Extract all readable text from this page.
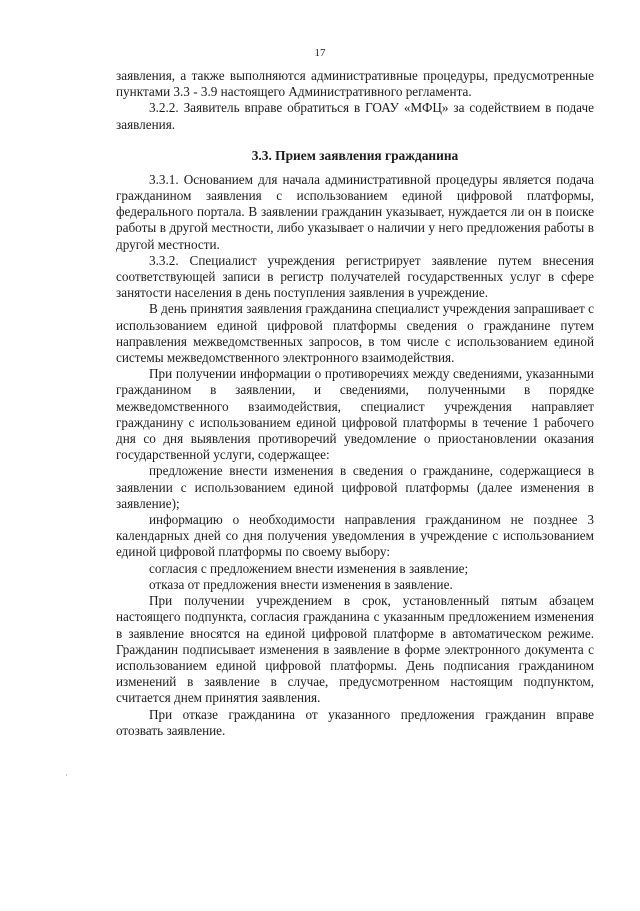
17

заявления, а также выполняются административные процедуры, предусмотренные пунктами 3.3 - 3.9 настоящего Административного регламента.

3.2.2. Заявитель вправе обратиться в ГОАУ «МФЦ» за содействием в подаче заявления.

3.3. Прием заявления гражданина

3.3.1. Основанием для начала административной процедуры является подача гражданином заявления с использованием единой цифровой платформы, федерального портала. В заявлении гражданин указывает, нуждается ли он в поиске работы в другой местности, либо указывает о наличии у него предложения работы в другой местности.

3.3.2. Специалист учреждения регистрирует заявление путем внесения соответствующей записи в регистр получателей государственных услуг в сфере занятости населения в день поступления заявления в учреждение.

В день принятия заявления гражданина специалист учреждения запрашивает с использованием единой цифровой платформы сведения о гражданине путем направления межведомственных запросов, в том числе с использованием единой системы межведомственного электронного взаимодействия.

При получении информации о противоречиях между сведениями, указанными гражданином в заявлении, и сведениями, полученными в порядке межведомственного взаимодействия, специалист учреждения направляет гражданину с использованием единой цифровой платформы в течение 1 рабочего дня со дня выявления противоречий уведомление о приостановлении оказания государственной услуги, содержащее:

предложение внести изменения в сведения о гражданине, содержащиеся в заявлении с использованием единой цифровой платформы (далее изменения в заявление);

информацию о необходимости направления гражданином не позднее 3 календарных дней со дня получения уведомления в учреждение с использованием единой цифровой платформы по своему выбору:

согласия с предложением внести изменения в заявление;

отказа от предложения внести изменения в заявление.

При получении учреждением в срок, установленный пятым абзацем настоящего подпункта, согласия гражданина с указанным предложением изменения в заявление вносятся на единой цифровой платформе в автоматическом режиме. Гражданин подписывает изменения в заявление в форме электронного документа с использованием единой цифровой платформы. День подписания гражданином изменений в заявление в случае, предусмотренном настоящим подпунктом, считается днем принятия заявления.

При отказе гражданина от указанного предложения гражданин вправе отозвать заявление.

·
